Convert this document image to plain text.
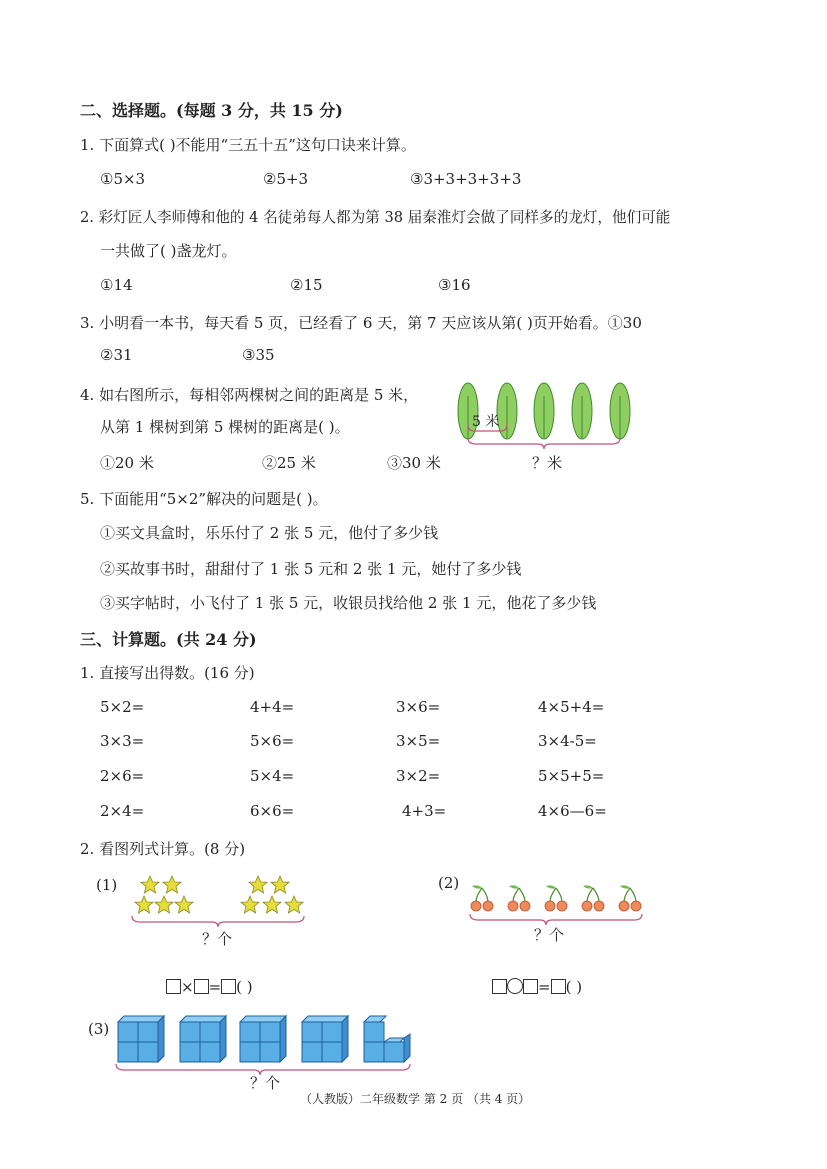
二、选择题。(每题 3 分，共 15 分)
1. 下面算式( )不能用“三五十五”这句口诀来计算。
①5×3	②5+3	③3+3+3+3+3
2. 彩灯匠人李师傅和他的 4 名徒弟每人都为第 38 届秦淮灯会做了同样多的龙灯，他们可能
一共做了( )盏龙灯。
①14	②15	③16
3. 小明看一本书，每天看 5 页，已经看了 6 天，第 7 天应该从第( )页开始看。①30
②31	③35
4. 如右图所示，每相邻两棵树之间的距离是 5 米，
从第 1 棵树到第 5 棵树的距离是( )。
①20 米	②25 米	③30 米
5 米
？米
5. 下面能用“5×2”解决的问题是( )。
①买文具盒时，乐乐付了 2 张 5 元，他付了多少钱
②买故事书时，甜甜付了 1 张 5 元和 2 张 1 元，她付了多少钱
③买字帖时，小飞付了 1 张 5 元，收银员找给他 2 张 1 元，他花了多少钱
三、计算题。(共 24 分)
1. 直接写出得数。(16 分)
5×2=	4+4=	3×6=	4×5+4=
3×3=	5×6=	3×5=	3×4-5=
2×6=	5×4=	3×2=	5×5+5=
2×4=	6×6=	4+3=	4×6—6=
2. 看图列式计算。(8 分)
(1)
？个
(2)
？个
× = ( )	= ( )
(3)
？个
（人教版）二年级数学 第 2 页 （共 4 页）
